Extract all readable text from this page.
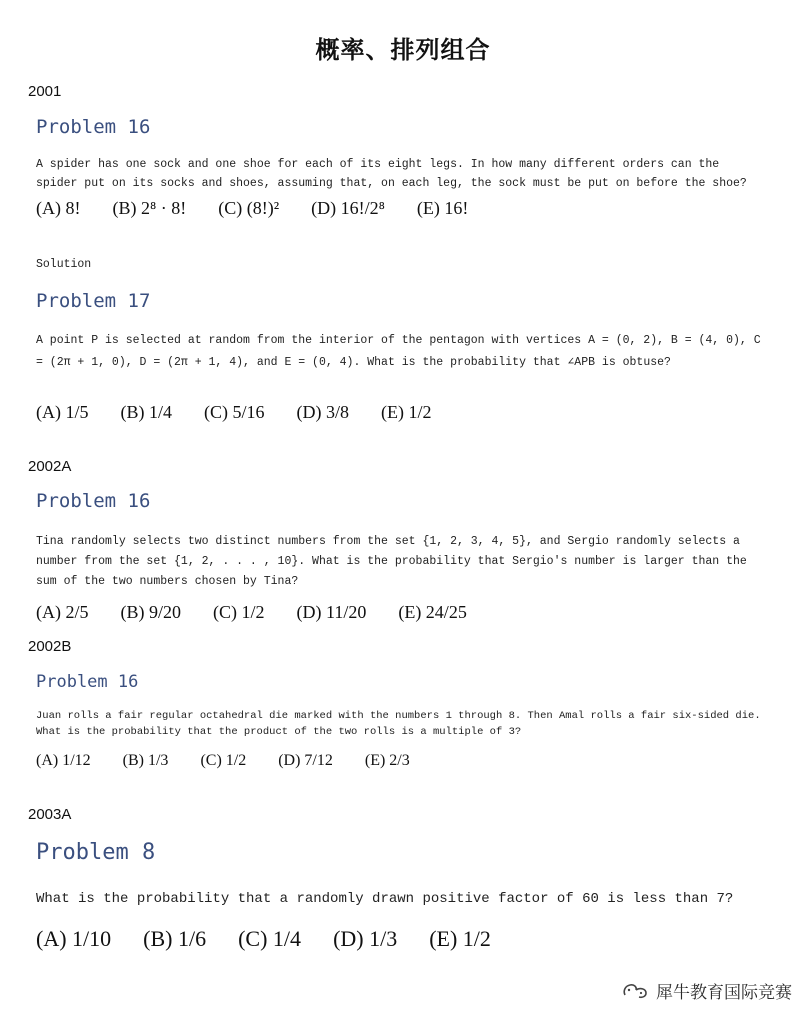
概率、排列组合
2001
Problem 16
A spider has one sock and one shoe for each of its eight legs. In how many different orders can the spider put on its socks and shoes, assuming that, on each leg, the sock must be put on before the shoe?
(A) 8! (B) 2⁸ · 8! (C) (8!)² (D) 16!/2⁸ (E) 16!
Solution
Problem 17
A point P is selected at random from the interior of the pentagon with vertices A = (0, 2), B = (4, 0), C = (2π + 1, 0), D = (2π + 1, 4), and E = (0, 4). What is the probability that ∠APB is obtuse?
(A) 1/5 (B) 1/4 (C) 5/16 (D) 3/8 (E) 1/2
2002A
Problem 16
Tina randomly selects two distinct numbers from the set {1, 2, 3, 4, 5}, and Sergio randomly selects a number from the set {1, 2, . . . , 10}. What is the probability that Sergio's number is larger than the sum of the two numbers chosen by Tina?
(A) 2/5 (B) 9/20 (C) 1/2 (D) 11/20 (E) 24/25
2002B
Problem 16
Juan rolls a fair regular octahedral die marked with the numbers 1 through 8. Then Amal rolls a fair six-sided die. What is the probability that the product of the two rolls is a multiple of 3?
(A) 1/12 (B) 1/3 (C) 1/2 (D) 7/12 (E) 2/3
2003A
Problem 8
What is the probability that a randomly drawn positive factor of 60 is less than 7?
(A) 1/10 (B) 1/6 (C) 1/4 (D) 1/3 (E) 1/2
犀牛教育国际竞赛
